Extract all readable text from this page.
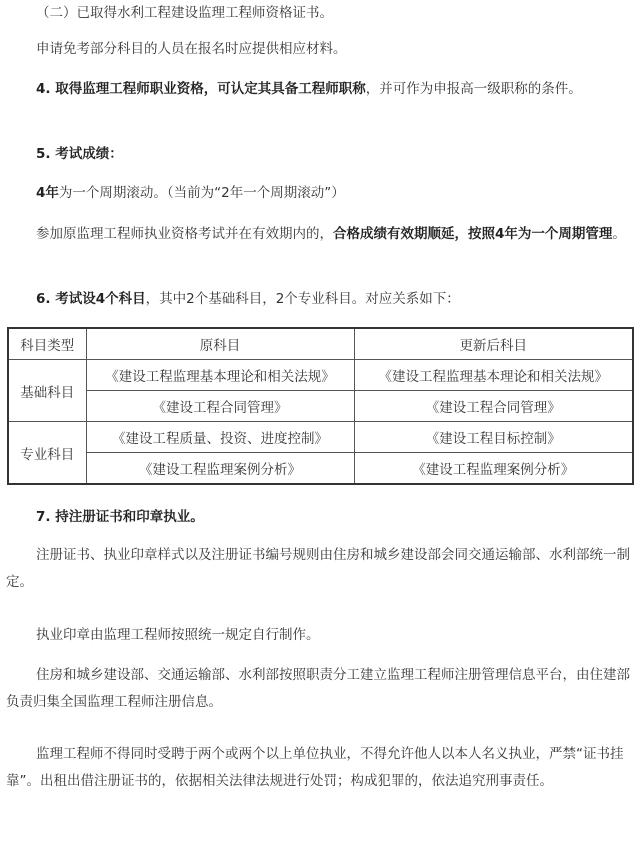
（二）已取得水利工程建设监理工程师资格证书。
申请免考部分科目的人员在报名时应提供相应材料。
4. 取得监理工程师职业资格，可认定其具备工程师职称，并可作为申报高一级职称的条件。
5. 考试成绩：
4年为一个周期滚动。（当前为“2年一个周期滚动”）
参加原监理工程师执业资格考试并在有效期内的，合格成绩有效期顺延，按照4年为一个周期管理。
6. 考试设4个科目，其中2个基础科目，2个专业科目。对应关系如下：
科目类型	原科目	更新后科目
基础科目	《建设工程监理基本理论和相关法规》	《建设工程监理基本理论和相关法规》
	《建设工程合同管理》	《建设工程合同管理》
专业科目	《建设工程质量、投资、进度控制》	《建设工程目标控制》
	《建设工程监理案例分析》	《建设工程监理案例分析》
7. 持注册证书和印章执业。
注册证书、执业印章样式以及注册证书编号规则由住房和城乡建设部会同交通运输部、水利部统一制定。
执业印章由监理工程师按照统一规定自行制作。
住房和城乡建设部、交通运输部、水利部按照职责分工建立监理工程师注册管理信息平台，由住建部负责归集全国监理工程师注册信息。
监理工程师不得同时受聘于两个或两个以上单位执业，不得允许他人以本人名义执业，严禁“证书挂靠”。出租出借注册证书的，依据相关法律法规进行处罚；构成犯罪的，依法追究刑事责任。
